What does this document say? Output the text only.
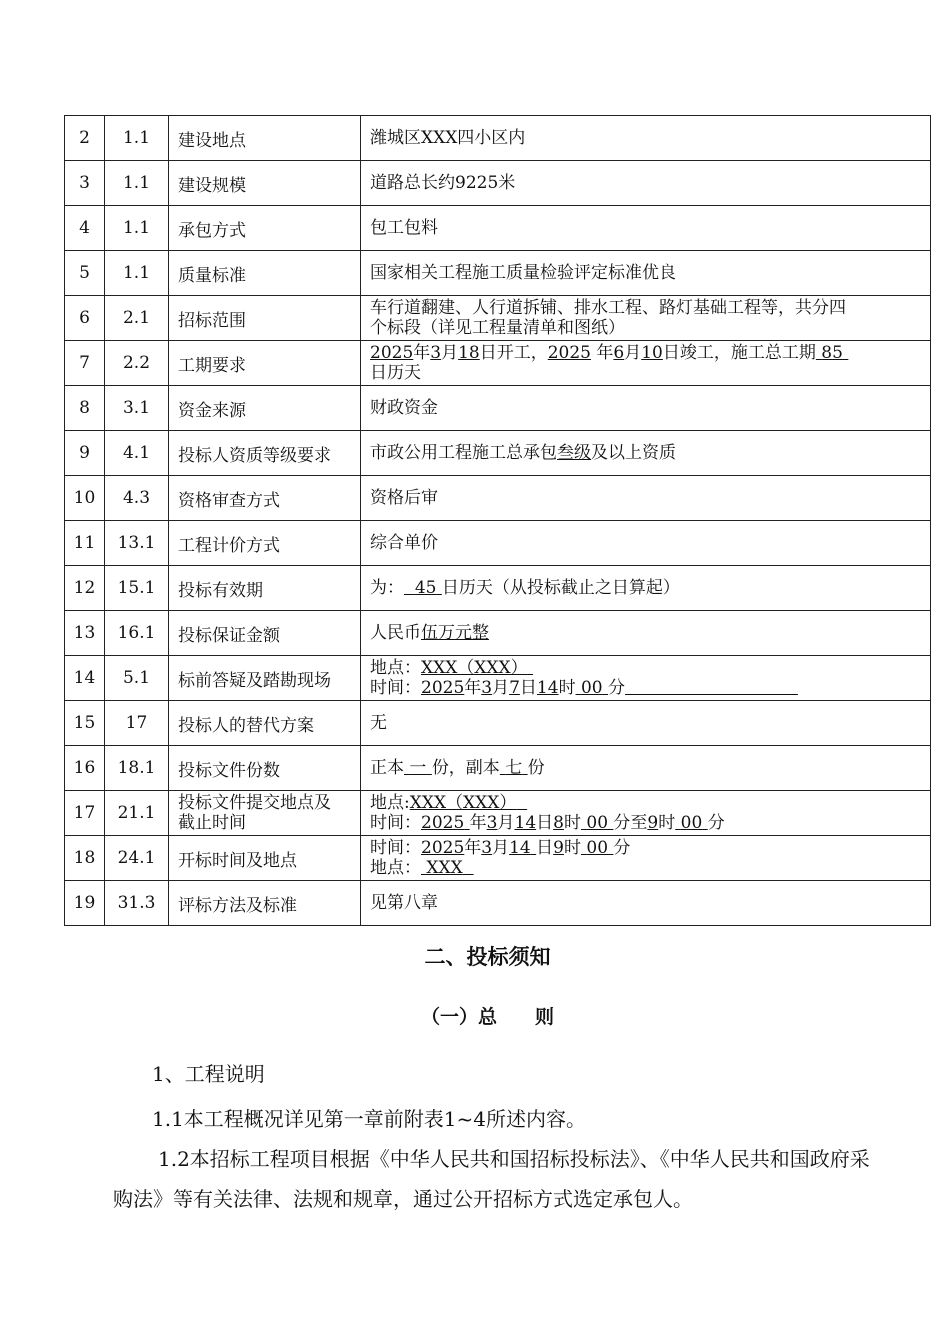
2	1.1	建设地点	潍城区XXX四小区内
3	1.1	建设规模	道路总长约9225米
4	1.1	承包方式	包工包料
5	1.1	质量标准	国家相关工程施工质量检验评定标准优良
6	2.1	招标范围	车行道翻建、人行道拆铺、排水工程、路灯基础工程等，共分四
个标段（详见工程量清单和图纸）

7	2.2	工期要求	2025年3月18日开工，2025 年6月10日竣工，施工总工期 85
日历天

8	3.1	资金来源	财政资金
9	4.1	投标人资质等级要求	市政公用工程施工总承包叁级及以上资质
10	4.3	资格审查方式	资格后审
11	13.1	工程计价方式	综合单价
12	15.1	投标有效期	为： 45 日历天（从投标截止之日算起）
13	16.1	投标保证金额	人民币伍万元整
14	5.1	标前答疑及踏勘现场	地点：XXX（XXX）
时间：2025年3月7日14时 00 分

15	17	投标人的替代方案	无
16	18.1	投标文件份数	正本 一 份，副本 七 份
17	21.1	投标文件提交地点及
截止时间	地点:XXX（XXX）
时间：2025 年3月14日8时 00 分至9时 00 分

18	24.1	开标时间及地点	时间：2025年3月14 日9时 00 分
地点： XXX

19	31.3	评标方法及标准	见第八章
二、投标须知
（一）总　　则
1、工程说明
1.1本工程概况详见第一章前附表1~4所述内容。
1.2本招标工程项目根据《中华人民共和国招标投标法》、《中华人民共和国政府采购法》等有关法律、法规和规章，通过公开招标方式选定承包人。
